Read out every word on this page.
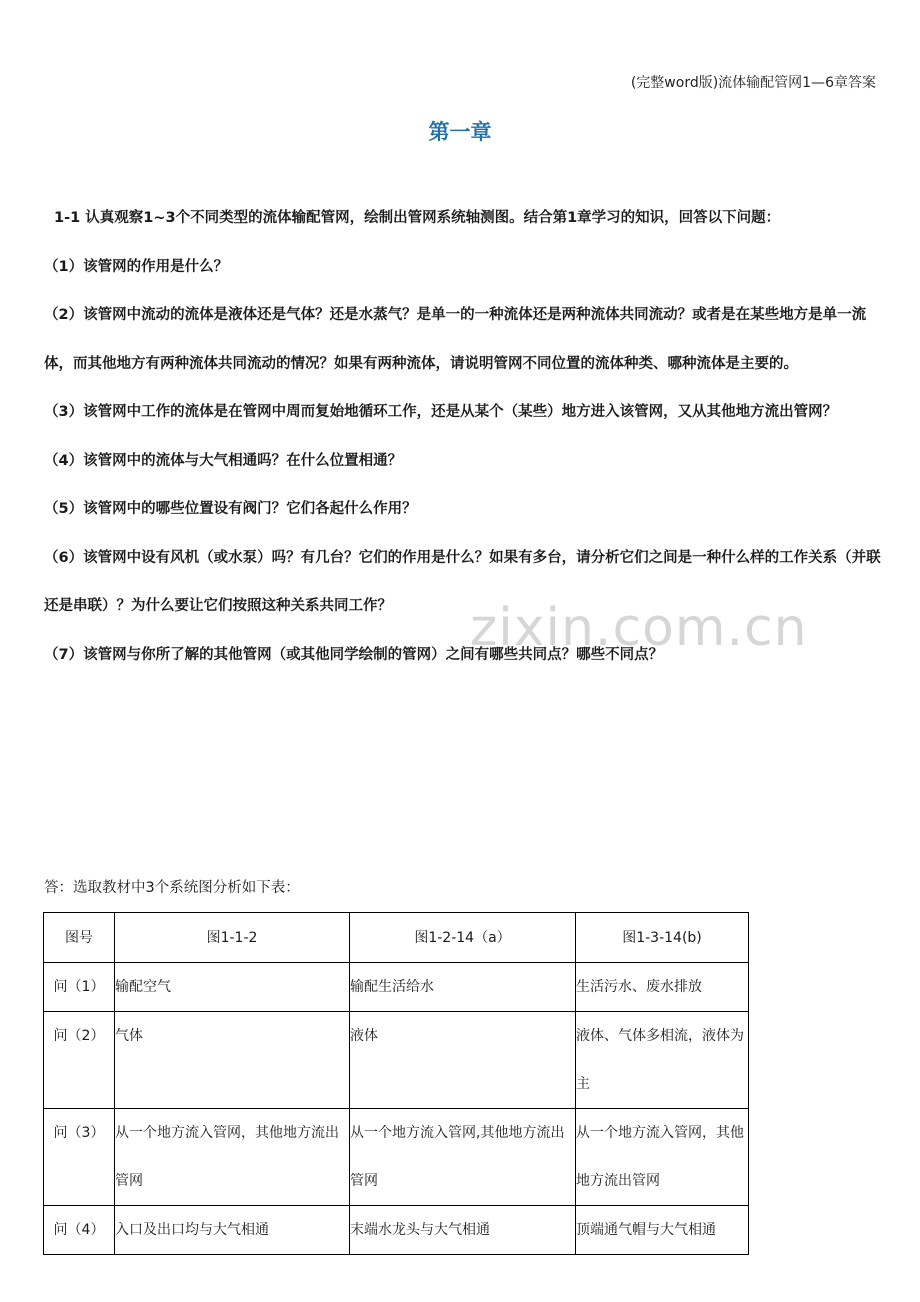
(完整word版)流体输配管网1—6章答案
第一章

1-1 认真观察1~3个不同类型的流体输配管网，绘制出管网系统轴测图。结合第1章学习的知识，回答以下问题：

（1）该管网的作用是什么？

（2）该管网中流动的流体是液体还是气体？还是水蒸气？是单一的一种流体还是两种流体共同流动？或者是在某些地方是单一流体，而其他地方有两种流体共同流动的情况？如果有两种流体，请说明管网不同位置的流体种类、哪种流体是主要的。

（3）该管网中工作的流体是在管网中周而复始地循环工作，还是从某个（某些）地方进入该管网，又从其他地方流出管网？

（4）该管网中的流体与大气相通吗？在什么位置相通？

（5）该管网中的哪些位置设有阀门？它们各起什么作用？

（6）该管网中设有风机（或水泵）吗？有几台？它们的作用是什么？如果有多台，请分析它们之间是一种什么样的工作关系（并联还是串联）？为什么要让它们按照这种关系共同工作？

（7）该管网与你所了解的其他管网（或其他同学绘制的管网）之间有哪些共同点？哪些不同点？

zixin.com.cn
答：选取教材中3个系统图分析如下表：
图号	图1-1-2	图1-2-14（a）	图1-3-14(b)
问（1）	输配空气	输配生活给水	生活污水、废水排放
问（2）	气体	液体	液体、气体多相流，液体为主
问（3）	从一个地方流入管网，其他地方流出管网	从一个地方流入管网,其他地方流出管网	从一个地方流入管网，其他地方流出管网
问（4）	入口及出口均与大气相通	末端水龙头与大气相通	顶端通气帽与大气相通
